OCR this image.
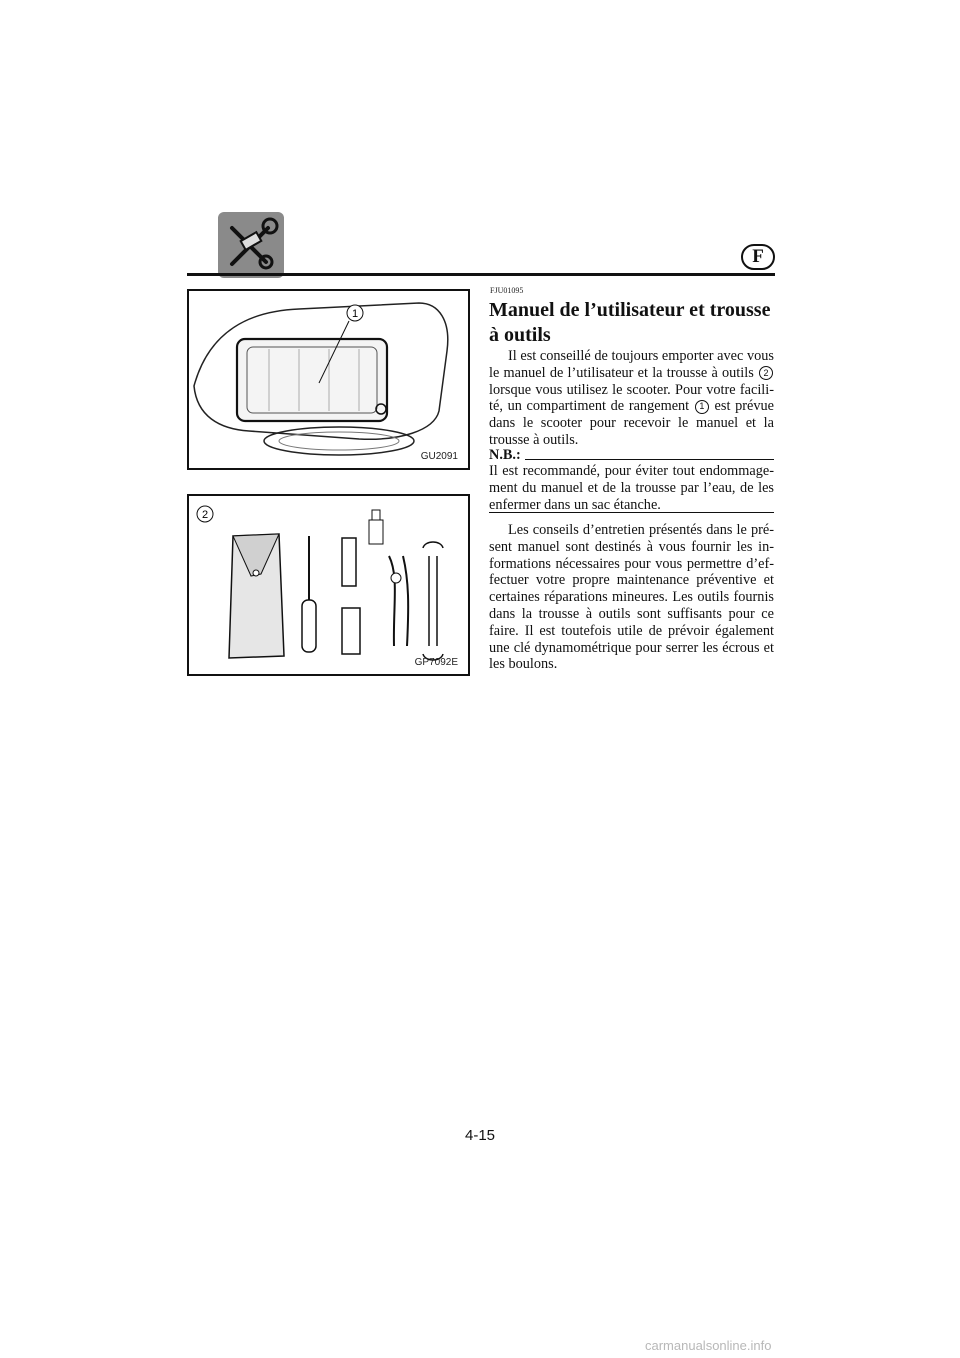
F
1
GU2091
2
GP7092E
FJU01095
Manuel de l’utilisateur et trousse à outils

Il est conseillé de toujours emporter avec vous le manuel de l’utilisateur et la trousse à outils 2 lorsque vous utilisez le scooter. Pour votre facili-té, un compartiment de rangement 1 est prévue dans le scooter pour recevoir le manuel et la trousse à outils.

N.B.:

Il est recommandé, pour éviter tout endommage-ment du manuel et de la trousse par l’eau, de les enfermer dans un sac étanche.

Les conseils d’entretien présentés dans le pré-sent manuel sont destinés à vous fournir les in-formations nécessaires pour vous permettre d’ef-fectuer votre propre maintenance préventive et certaines réparations mineures. Les outils fournis dans la trousse à outils sont suffisants pour ce faire. Il est toutefois utile de prévoir également une clé dynamométrique pour serrer les écrous et les boulons.

4-15
carmanualsonline.info
